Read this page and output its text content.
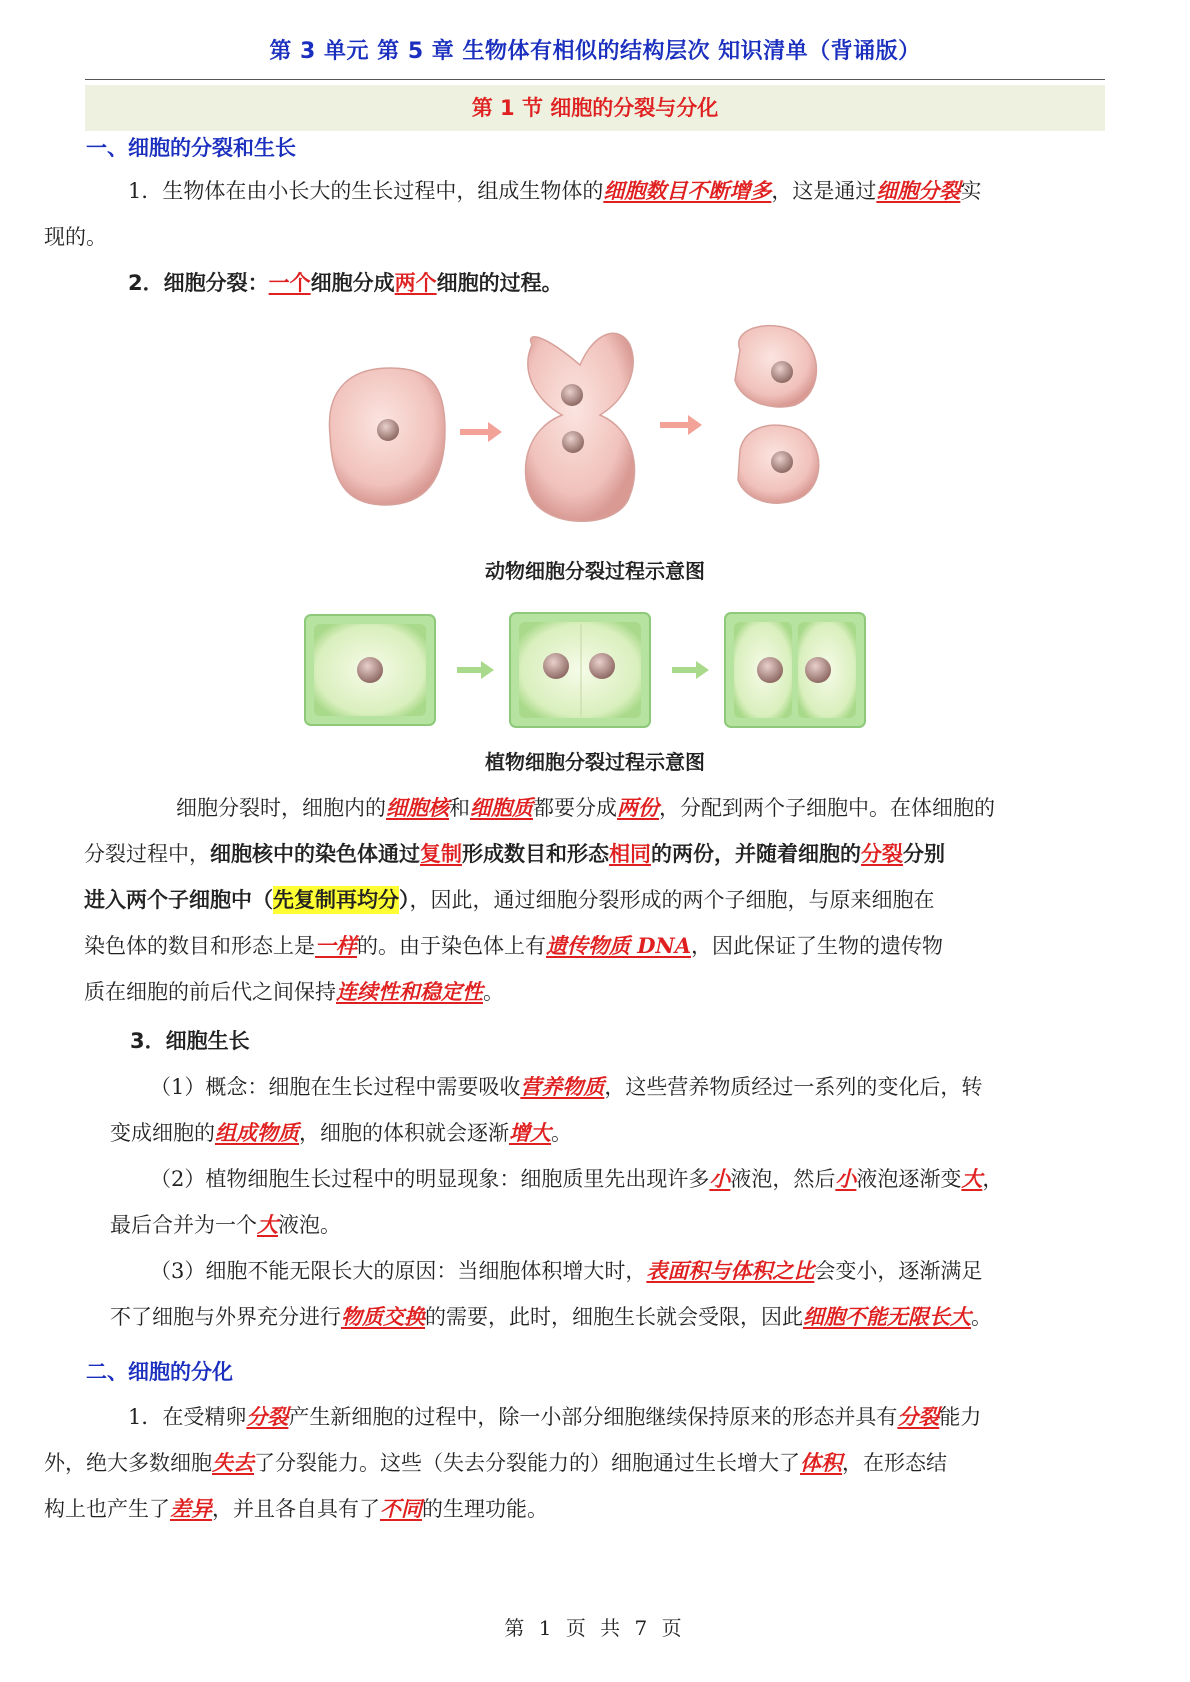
第 3 单元 第 5 章 生物体有相似的结构层次 知识清单（背诵版）
第 1 节 细胞的分裂与分化
一、细胞的分裂和生长
1．生物体在由小长大的生长过程中，组成生物体的细胞数目不断增多，这是通过细胞分裂实
现的。
2．细胞分裂：一个细胞分成两个细胞的过程。
动物细胞分裂过程示意图
植物细胞分裂过程示意图
细胞分裂时，细胞内的细胞核和细胞质都要分成两份，分配到两个子细胞中。在体细胞的
分裂过程中，细胞核中的染色体通过复制形成数目和形态相同的两份，并随着细胞的分裂分别
进入两个子细胞中（先复制再均分），因此，通过细胞分裂形成的两个子细胞，与原来细胞在
染色体的数目和形态上是一样的。由于染色体上有遗传物质 DNA，因此保证了生物的遗传物
质在细胞的前后代之间保持连续性和稳定性。
3．细胞生长
（1）概念：细胞在生长过程中需要吸收营养物质，这些营养物质经过一系列的变化后，转
变成细胞的组成物质，细胞的体积就会逐渐增大。
（2）植物细胞生长过程中的明显现象：细胞质里先出现许多小液泡，然后小液泡逐渐变大，
最后合并为一个大液泡。
（3）细胞不能无限长大的原因：当细胞体积增大时，表面积与体积之比会变小，逐渐满足
不了细胞与外界充分进行物质交换的需要，此时，细胞生长就会受限，因此细胞不能无限长大。
二、细胞的分化
1．在受精卵分裂产生新细胞的过程中，除一小部分细胞继续保持原来的形态并具有分裂能力
外，绝大多数细胞失去了分裂能力。这些（失去分裂能力的）细胞通过生长增大了体积，在形态结
构上也产生了差异，并且各自具有了不同的生理功能。
第 1 页 共 7 页
